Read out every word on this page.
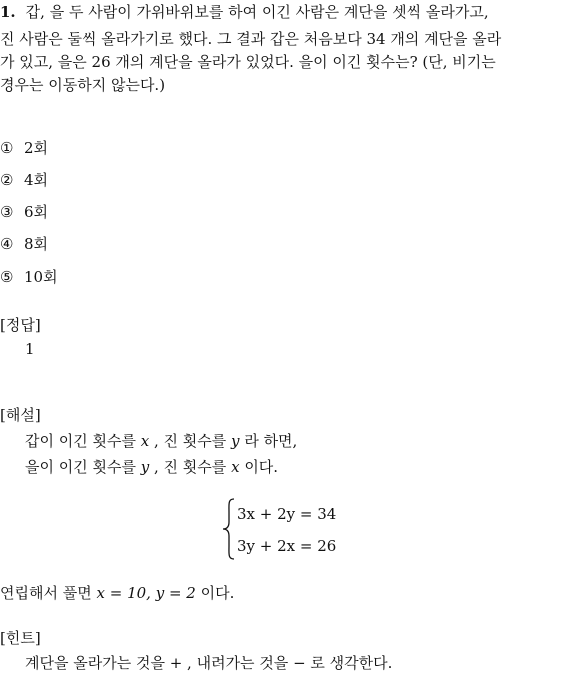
1. 갑, 을 두 사람이 가위바위보를 하여 이긴 사람은 계단을 셋씩 올라가고,
진 사람은 둘씩 올라가기로 했다. 그 결과 갑은 처음보다 34 개의 계단을 올라
가 있고, 을은 26 개의 계단을 올라가 있었다. 을이 이긴 횟수는? (단, 비기는
경우는 이동하지 않는다.)
① 2회
② 4회
③ 6회
④ 8회
⑤ 10회
[정답]
1
[해설]
갑이 이긴 횟수를 x , 진 횟수를 y 라 하면,
을이 이긴 횟수를 y , 진 횟수를 x 이다.
3x + 2y = 34
3y + 2x = 26
연립해서 풀면 x = 10, y = 2 이다.
[힌트]
계단을 올라가는 것을 + , 내려가는 것을 − 로 생각한다.
